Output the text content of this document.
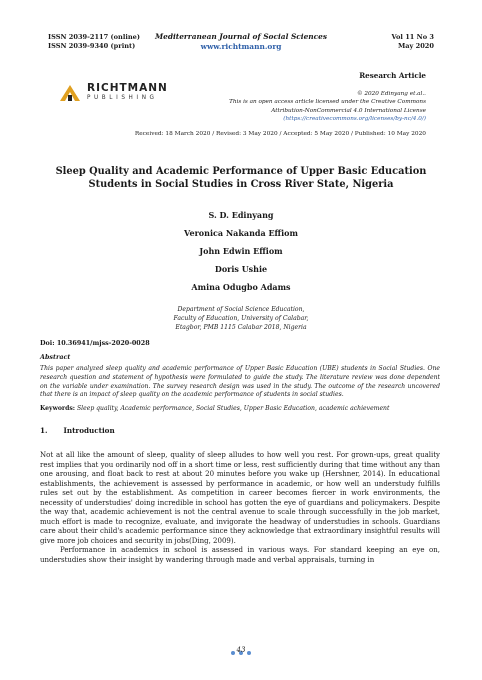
ISSN 2039-2117 (online)
ISSN 2039-9340 (print)
Mediterranean Journal of Social Sciences
www.richtmann.org
Vol 11 No 3
May 2020
RICHTMANN
PUBLISHING
Research Article
© 2020 Edinyang et.al..
This is an open access article licensed under the Creative Commons
Attribution-NonCommercial 4.0 International License
(https://creativecommons.org/licenses/by-nc/4.0/)
Received: 18 March 2020 / Revised: 3 May 2020 / Accepted: 5 May 2020 / Published: 10 May 2020
Sleep Quality and Academic Performance of Upper Basic Education Students in Social Studies in Cross River State, Nigeria
S. D. Edinyang
Veronica Nakanda Effiom
John Edwin Effiom
Doris Ushie
Amina Odugbo Adams
Department of Social Science Education,
Faculty of Education, University of Calabar,
Etagbor, PMB 1115 Calabar 2018, Nigeria
Doi: 10.36941/mjss-2020-0028
Abstract
This paper analyzed sleep quality and academic performance of Upper Basic Education (UBE) students in Social Studies. One research question and statement of hypothesis were formulated to guide the study. The literature review was done dependent on the variable under examination. The survey research design was used in the study. The outcome of the research uncovered that there is an impact of sleep quality on the academic performance of students in social studies.
Keywords: Sleep quality, Academic performance, Social Studies, Upper Basic Education, academic achievement
1. Introduction

Not at all like the amount of sleep, quality of sleep alludes to how well you rest. For grown-ups, great quality rest implies that you ordinarily nod off in a short time or less, rest sufficiently during that time without any than one arousing, and float back to rest at about 20 minutes before you wake up (Hershner, 2014). In educational establishments, the achievement is assessed by performance in academic, or how well an understudy fulfills rules set out by the establishment. As competition in career becomes fiercer in work environments, the necessity of understudies' doing incredible in school has gotten the eye of guardians and policymakers. Despite the way that, academic achievement is not the central avenue to scale through successfully in the job market, much effort is made to recognize, evaluate, and invigorate the headway of understudies in schools. Guardians care about their child's academic performance since they acknowledge that extraordinary insightful results will give more job choices and security in jobs(Ding, 2009).

Performance in academics in school is assessed in various ways. For standard keeping an eye on, understudies show their insight by wandering through made and verbal appraisals, turning in

43
